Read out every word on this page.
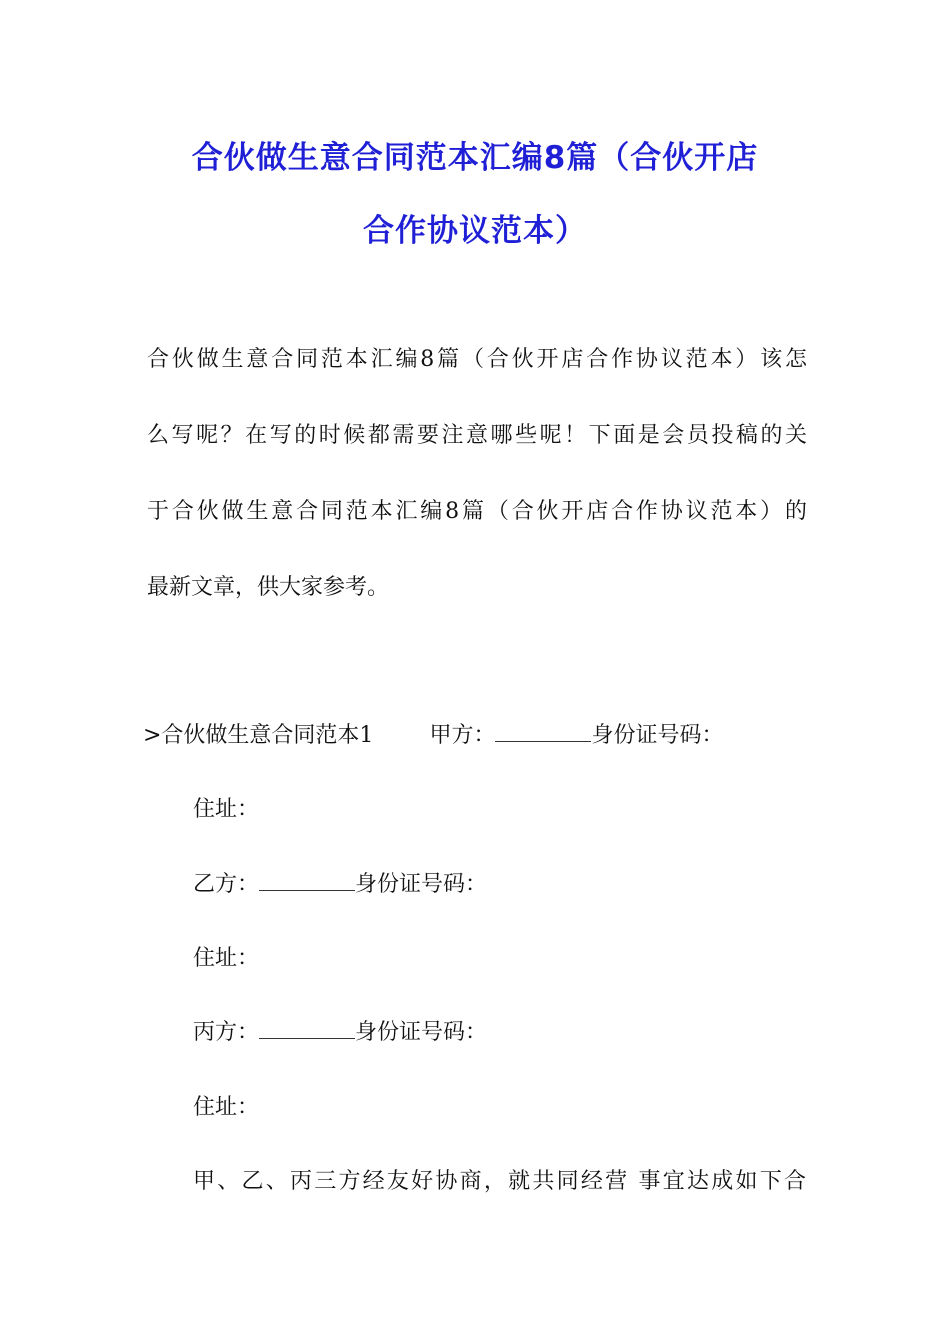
合伙做生意合同范本汇编8篇（合伙开店
合作协议范本）

合伙做生意合同范本汇编8篇（合伙开店合作协议范本）该怎
么写呢？在写的时候都需要注意哪些呢！下面是会员投稿的关
于合伙做生意合同范本汇编8篇（合伙开店合作协议范本）的
最新文章，供大家参考。

>合伙做生意合同范本1	甲方：	身份证号码：

住址：

乙方：	身份证号码：

住址：

丙方：	身份证号码：

住址：

甲、乙、丙三方经友好协商，就共同经营 事宜达成如下合
